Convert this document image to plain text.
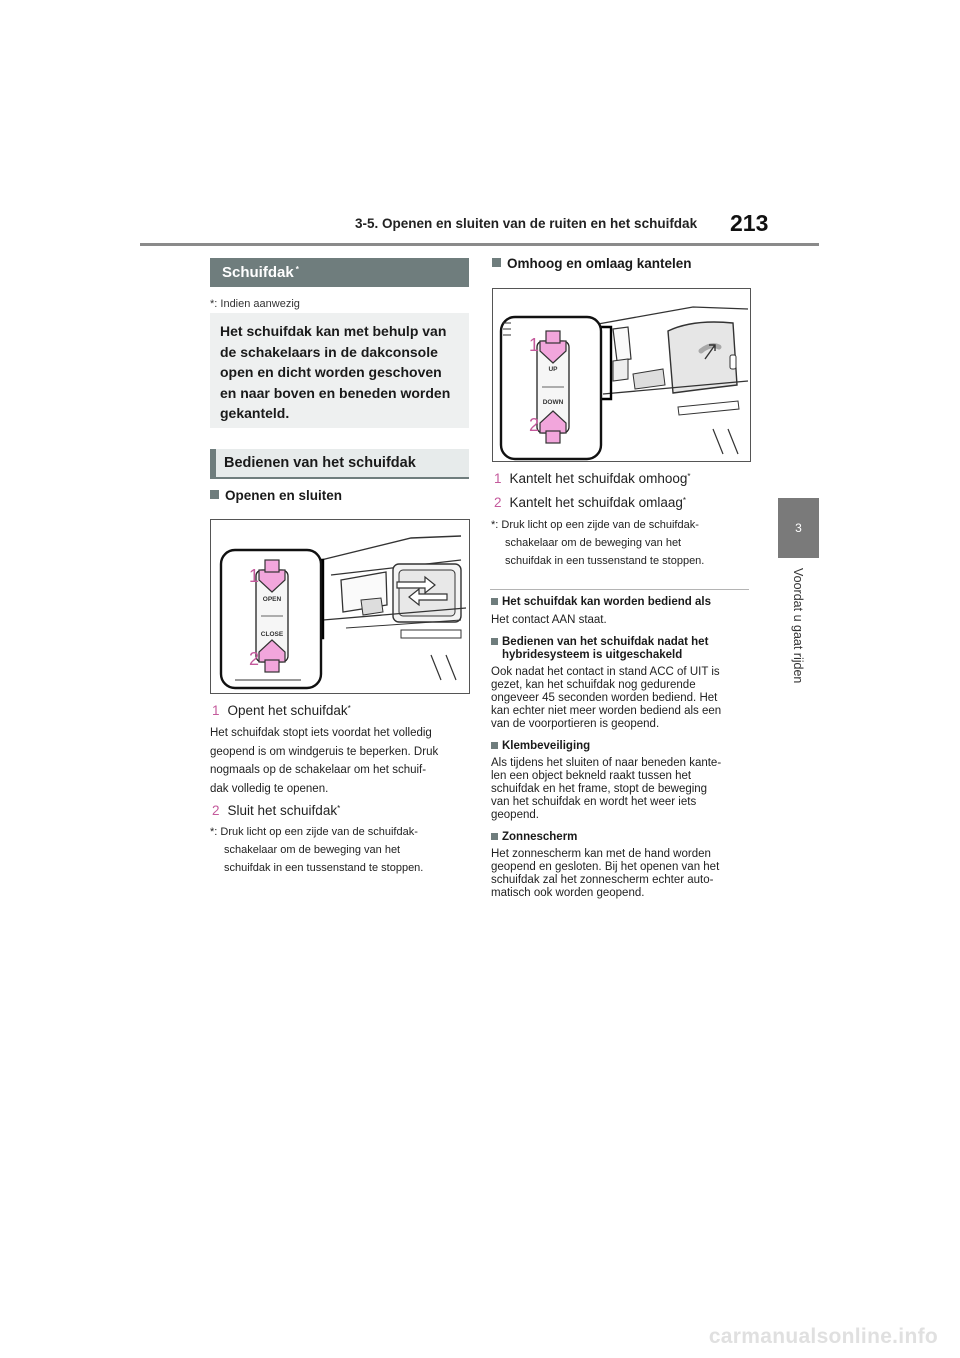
3-5. Openen en sluiten van de ruiten en het schuifdak 213
3
Voordat u gaat rijden
Schuifdak *
*: Indien aanwezig
Het schuifdak kan met behulp van
de schakelaars in de dakconsole
open en dicht worden geschoven
en naar boven en beneden worden
gekanteld.
Bedienen van het schuifdak
Openen en sluiten
OPEN
CLOSE
1
2
1 Opent het schuifdak*
Het schuifdak stopt iets voordat het volledig
geopend is om windgeruis te beperken. Druk
nogmaals op de schakelaar om het schuif-
dak volledig te openen.
2 Sluit het schuifdak*
*: Druk licht op een zijde van de schuifdak-
schakelaar om de beweging van het
schuifdak in een tussenstand te stoppen.
Omhoog en omlaag kantelen
UP
DOWN
1
2
1 Kantelt het schuifdak omhoog*
2 Kantelt het schuifdak omlaag*
*: Druk licht op een zijde van de schuifdak-
schakelaar om de beweging van het
schuifdak in een tussenstand te stoppen.
Het schuifdak kan worden bediend als
Het contact AAN staat.
Bedienen van het schuifdak nadat het
hybridesysteem is uitgeschakeld
Ook nadat het contact in stand ACC of UIT is
gezet, kan het schuifdak nog gedurende
ongeveer 45 seconden worden bediend. Het
kan echter niet meer worden bediend als een
van de voorportieren is geopend.
Klembeveiliging
Als tijdens het sluiten of naar beneden kante-
len een object bekneld raakt tussen het
schuifdak en het frame, stopt de beweging
van het schuifdak en wordt het weer iets
geopend.
Zonnescherm
Het zonnescherm kan met de hand worden
geopend en gesloten. Bij het openen van het
schuifdak zal het zonnescherm echter auto-
matisch ook worden geopend.
carmanualsonline.info
